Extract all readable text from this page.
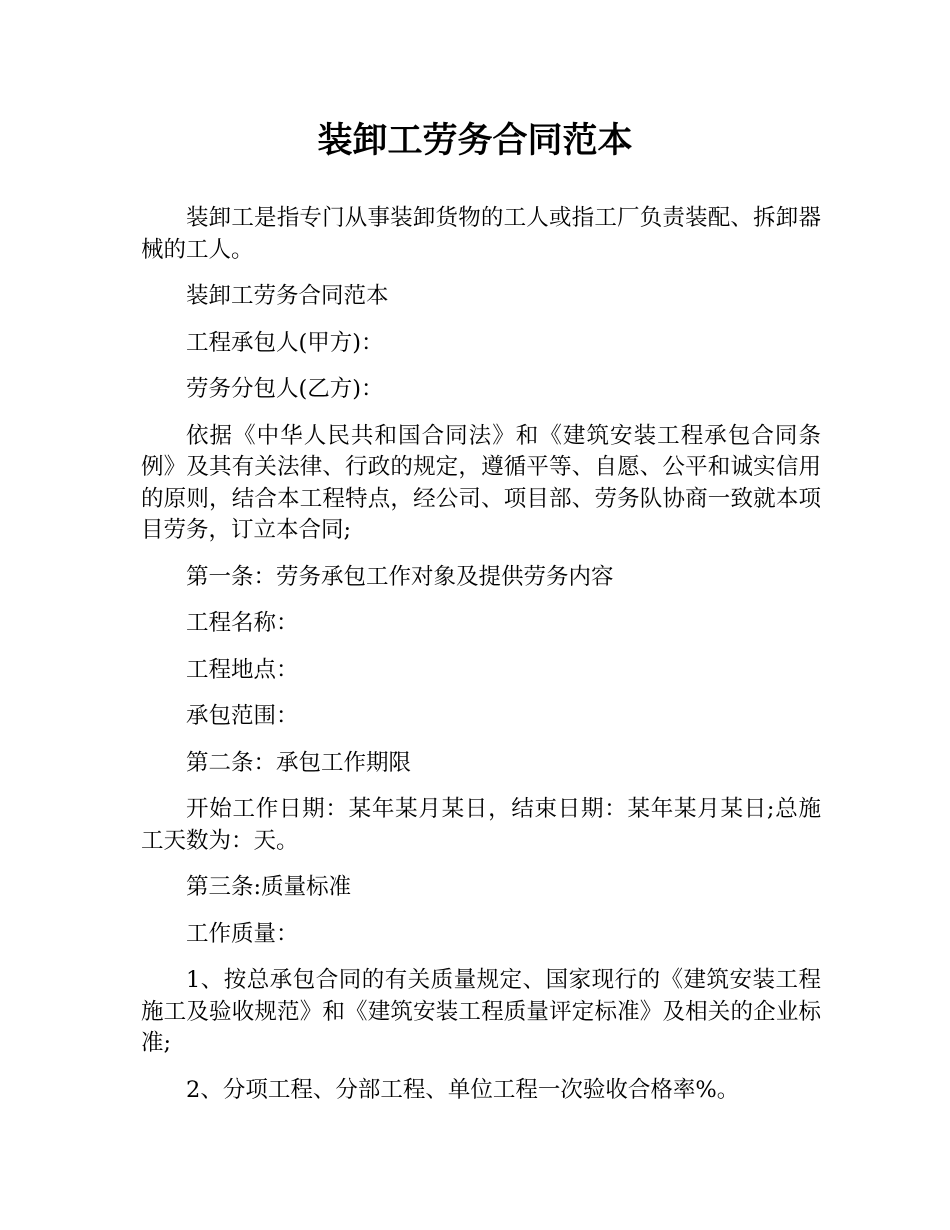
装卸工劳务合同范本

装卸工是指专门从事装卸货物的工人或指工厂负责装配、拆卸器械的工人。

装卸工劳务合同范本

工程承包人(甲方)：

劳务分包人(乙方)：

依据《中华人民共和国合同法》和《建筑安装工程承包合同条例》及其有关法律、行政的规定，遵循平等、自愿、公平和诚实信用的原则，结合本工程特点，经公司、项目部、劳务队协商一致就本项目劳务，订立本合同;

第一条：劳务承包工作对象及提供劳务内容

工程名称：

工程地点：

承包范围：

第二条：承包工作期限

开始工作日期：某年某月某日，结束日期：某年某月某日;总施工天数为：天。

第三条:质量标准

工作质量：

1、按总承包合同的有关质量规定、国家现行的《建筑安装工程施工及验收规范》和《建筑安装工程质量评定标准》及相关的企业标准;

2、分项工程、分部工程、单位工程一次验收合格率%。
